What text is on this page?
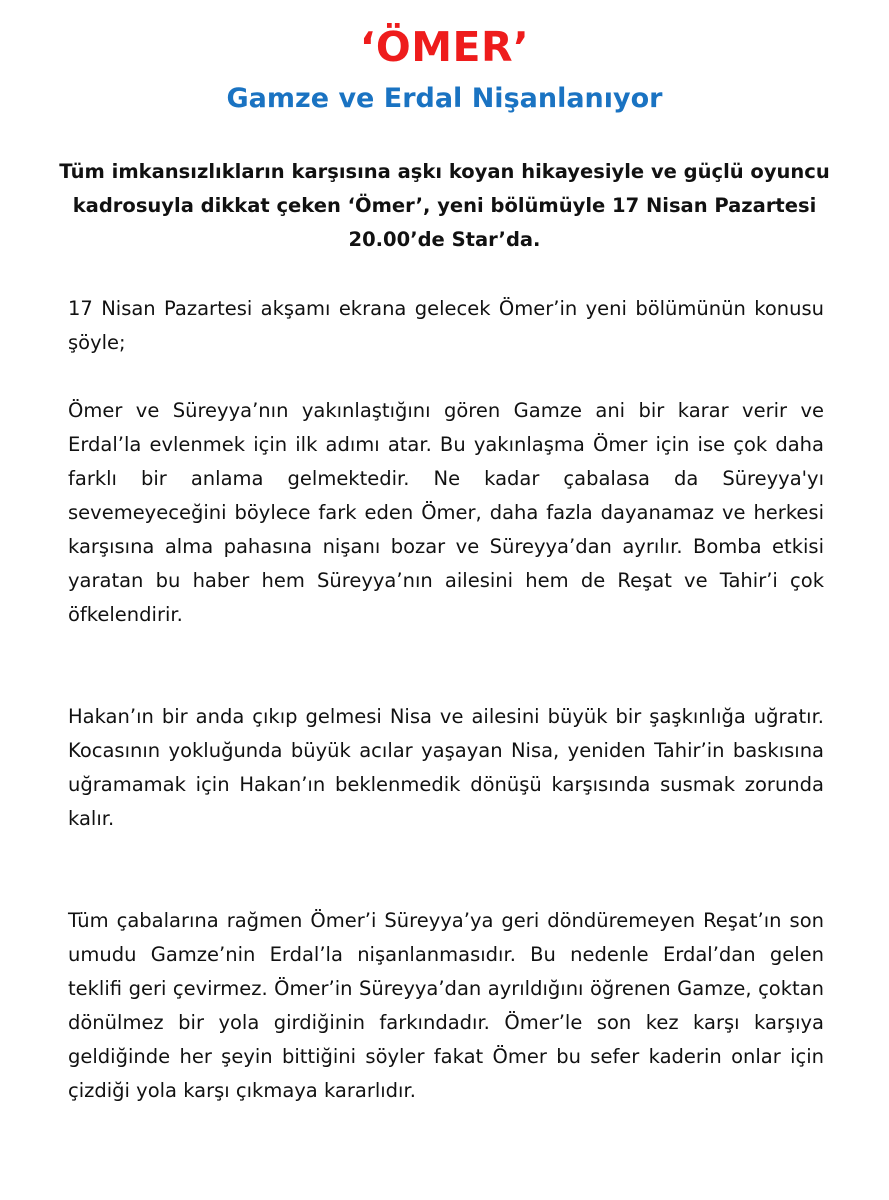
‘ÖMER’
Gamze ve Erdal Nişanlanıyor
Tüm imkansızlıkların karşısına aşkı koyan hikayesiyle ve güçlü oyuncu kadrosuyla dikkat çeken ‘Ömer’, yeni bölümüyle 17 Nisan Pazartesi 20.00’de Star’da.

17 Nisan Pazartesi akşamı ekrana gelecek Ömer’in yeni bölümünün konusu şöyle;

Ömer ve Süreyya’nın yakınlaştığını gören Gamze ani bir karar verir ve Erdal’la evlenmek için ilk adımı atar. Bu yakınlaşma Ömer için ise çok daha farklı bir anlama gelmektedir. Ne kadar çabalasa da Süreyya'yı sevemeyeceğini böylece fark eden Ömer, daha fazla dayanamaz ve herkesi karşısına alma pahasına nişanı bozar ve Süreyya’dan ayrılır. Bomba etkisi yaratan bu haber hem Süreyya’nın ailesini hem de Reşat ve Tahir’i çok öfkelendirir.

Hakan’ın bir anda çıkıp gelmesi Nisa ve ailesini büyük bir şaşkınlığa uğratır. Kocasının yokluğunda büyük acılar yaşayan Nisa, yeniden Tahir’in baskısına uğramamak için Hakan’ın beklenmedik dönüşü karşısında susmak zorunda kalır.

Tüm çabalarına rağmen Ömer’i Süreyya’ya geri döndüremeyen Reşat’ın son umudu Gamze’nin Erdal’la nişanlanmasıdır. Bu nedenle Erdal’dan gelen teklifi geri çevirmez. Ömer’in Süreyya’dan ayrıldığını öğrenen Gamze, çoktan dönülmez bir yola girdiğinin farkındadır. Ömer’le son kez karşı karşıya geldiğinde her şeyin bittiğini söyler fakat Ömer bu sefer kaderin onlar için çizdiği yola karşı çıkmaya kararlıdır.
